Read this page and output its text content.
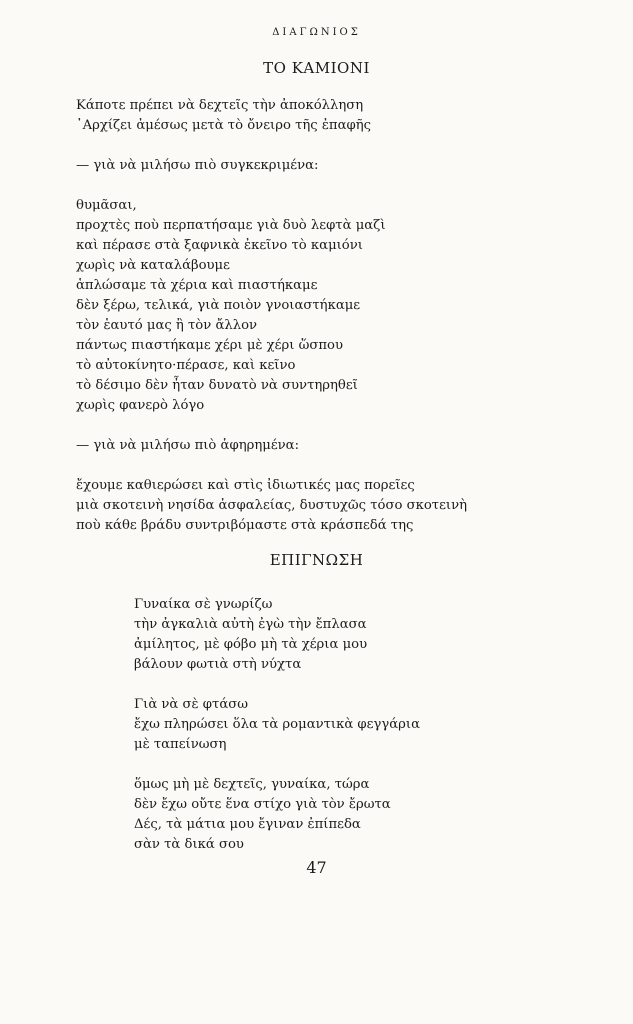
ΔΙΑΓΩΝΙΟΣ
ΤΟ ΚΑΜΙΟΝΙ
Κάποτε πρέπει νὰ δεχτεῖς τὴν ἀποκόλληση
᾿Αρχίζει ἀμέσως μετὰ τὸ ὄνειρο τῆς ἐπαφῆς
— γιὰ νὰ μιλήσω πιὸ συγκεκριμένα:
θυμᾶσαι,
προχτὲς ποὺ περπατήσαμε γιὰ δυὸ λεφτὰ μαζὶ
καὶ πέρασε στὰ ξαφνικὰ ἐκεῖνο τὸ καμιόνι
χωρὶς νὰ καταλάβουμε
ἁπλώσαμε τὰ χέρια καὶ πιαστήκαμε
δὲν ξέρω, τελικά, γιὰ ποιὸν γνοιαστήκαμε
τὸν ἑαυτό μας ἢ τὸν ἄλλον
πάντως πιαστήκαμε χέρι μὲ χέρι ὥσπου
τὸ αὐτοκίνητο·πέρασε, καὶ κεῖνο
τὸ δέσιμο δὲν ἦταν δυνατὸ νὰ συντηρηθεῖ
χωρὶς φανερὸ λόγο
— γιὰ νὰ μιλήσω πιὸ ἀφηρημένα:
ἔχουμε καθιερώσει καὶ στὶς ἰδιωτικές μας πορεῖες
μιὰ σκοτεινὴ νησίδα ἀσφαλείας, δυστυχῶς τόσο σκοτεινὴ
ποὺ κάθε βράδυ συντριβόμαστε στὰ κράσπεδά της
ΕΠΙΓΝΩΣΗ
Γυναίκα σὲ γνωρίζω
τὴν ἀγκαλιὰ αὐτὴ ἐγὼ τὴν ἔπλασα
ἀμίλητος, μὲ φόβο μὴ τὰ χέρια μου
βάλουν φωτιὰ στὴ νύχτα
Γιὰ νὰ σὲ φτάσω
ἔχω πληρώσει ὅλα τὰ ρομαντικὰ φεγγάρια
μὲ ταπείνωση
ὅμως μὴ μὲ δεχτεῖς, γυναίκα, τώρα
δὲν ἔχω οὔτε ἕνα στίχο γιὰ τὸν ἔρωτα
Δές, τὰ μάτια μου ἔγιναν ἐπίπεδα
σὰν τὰ δικά σου
47
